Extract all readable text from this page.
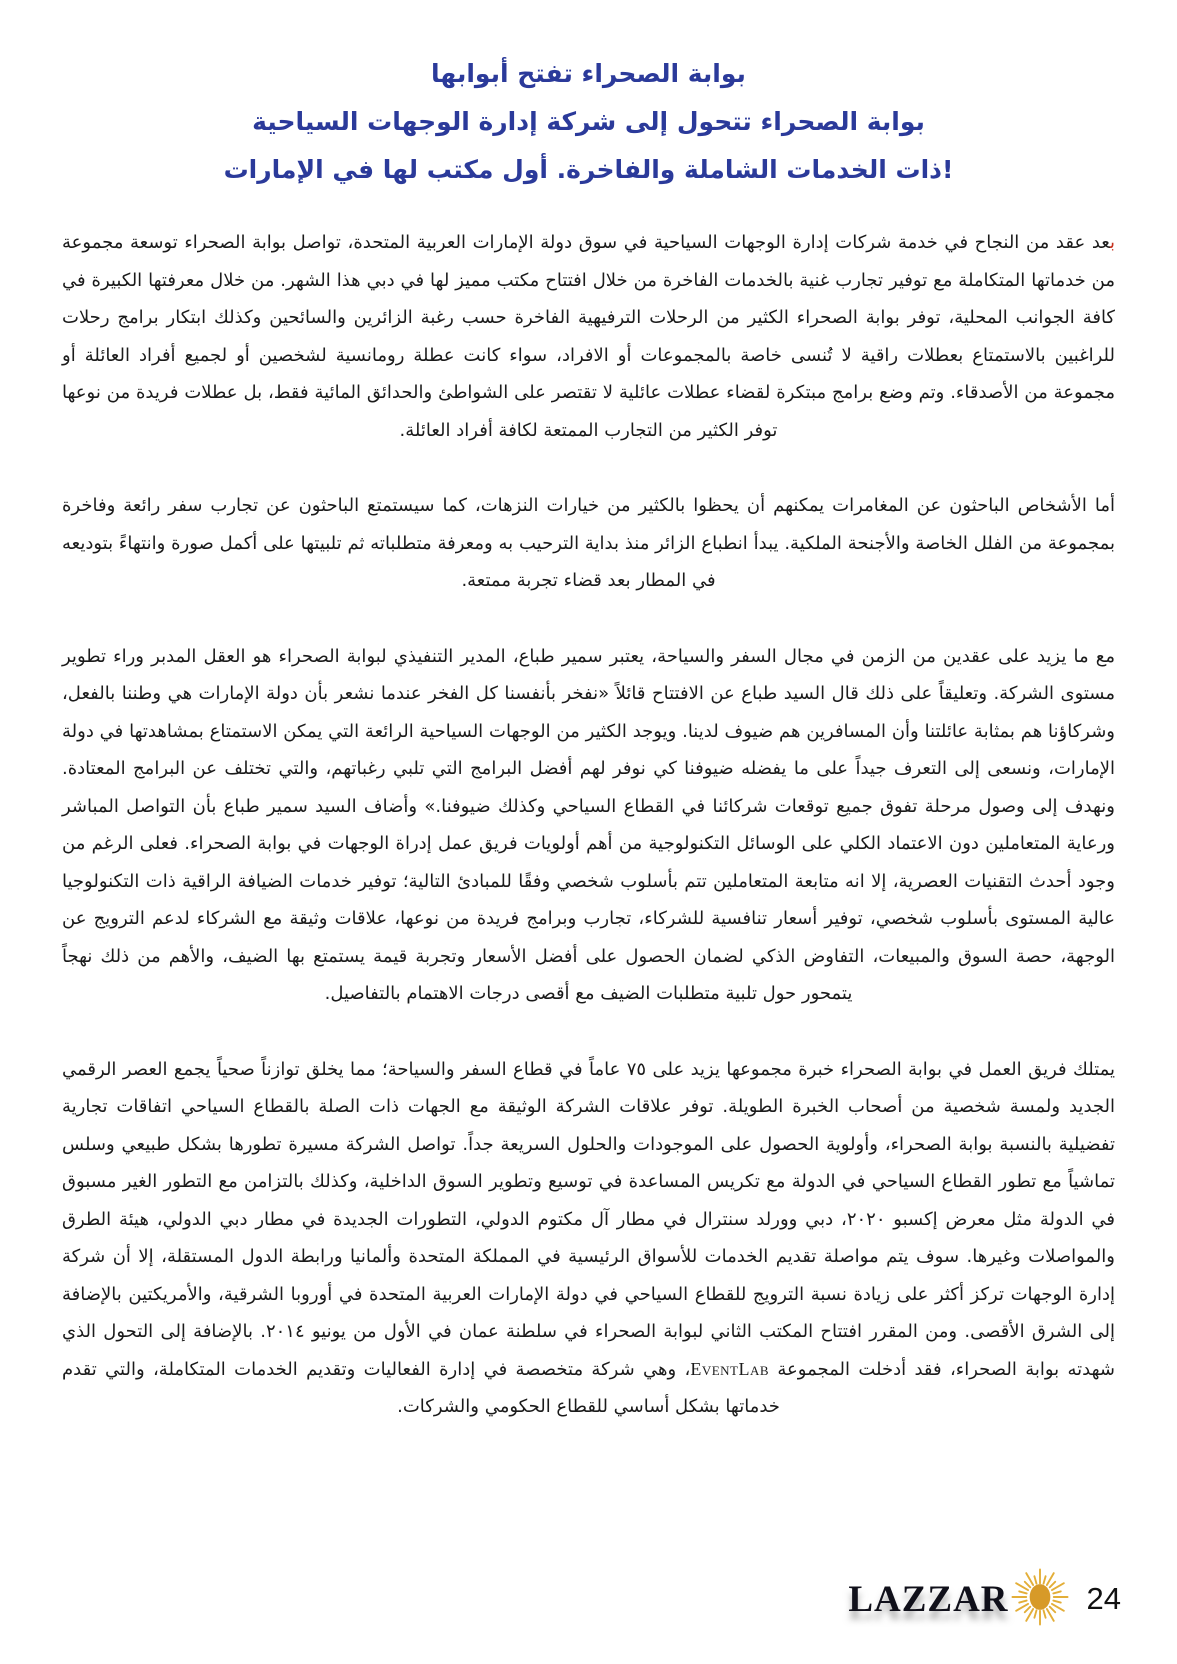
بوابة الصحراء تفتح أبوابها
بوابة الصحراء تتحول إلى شركة إدارة الوجهات السياحية
ذات الخدمات الشاملة والفاخرة. أول مكتب لها في الإمارات!

ب‍‍عد عقد من النجاح في خدمة شركات إدارة الوجهات السياحية في سوق دولة الإمارات العربية المتحدة، تواصل بوابة الصحراء توسعة مجموعة من خدماتها المتكاملة مع توفير تجارب غنية بالخدمات الفاخرة من خلال افتتاح مكتب مميز لها في دبي هذا الشهر. من خلال معرفتها الكبيرة في كافة الجوانب المحلية، توفر بوابة الصحراء الكثير من الرحلات الترفيهية الفاخرة حسب رغبة الزائرين والسائحين وكذلك ابتكار برامج رحلات للراغبين بالاستمتاع بعطلات راقية لا تُنسى خاصة بالمجموعات أو الافراد، سواء كانت عطلة رومانسية لشخصين أو لجميع أفراد العائلة أو مجموعة من الأصدقاء. وتم وضع برامج مبتكرة لقضاء عطلات عائلية لا تقتصر على الشواطئ والحدائق المائية فقط، بل عطلات فريدة من نوعها توفر الكثير من التجارب الممتعة لكافة أفراد العائلة.

أما الأشخاص الباحثون عن المغامرات يمكنهم أن يحظوا بالكثير من خيارات النزهات، كما سيستمتع الباحثون عن تجارب سفر رائعة وفاخرة بمجموعة من الفلل الخاصة والأجنحة الملكية. يبدأ انطباع الزائر منذ بداية الترحيب به ومعرفة متطلباته ثم تلبيتها على أكمل صورة وانتهاءً بتوديعه في المطار بعد قضاء تجربة ممتعة.

مع ما يزيد على عقدين من الزمن في مجال السفر والسياحة، يعتبر سمير طباع، المدير التنفيذي لبوابة الصحراء هو العقل المدبر وراء تطوير مستوى الشركة. وتعليقاً على ذلك قال السيد طباع عن الافتتاح قائلاً «نفخر بأنفسنا كل الفخر عندما نشعر بأن دولة الإمارات هي وطننا بالفعل، وشركاؤنا هم بمثابة عائلتنا وأن المسافرين هم ضيوف لدينا. ويوجد الكثير من الوجهات السياحية الرائعة التي يمكن الاستمتاع بمشاهدتها في دولة الإمارات، ونسعى إلى التعرف جيداً على ما يفضله ضيوفنا كي نوفر لهم أفضل البرامج التي تلبي رغباتهم، والتي تختلف عن البرامج المعتادة. ونهدف إلى وصول مرحلة تفوق جميع توقعات شركائنا في القطاع السياحي وكذلك ضيوفنا.» وأضاف السيد سمير طباع بأن التواصل المباشر ورعاية المتعاملين دون الاعتماد الكلي على الوسائل التكنولوجية من أهم أولويات فريق عمل إدراة الوجهات في بوابة الصحراء. فعلى الرغم من وجود أحدث التقنيات العصرية، إلا انه متابعة المتعاملين تتم بأسلوب شخصي وفقًا للمبادئ التالية؛ توفير خدمات الضيافة الراقية ذات التكنولوجيا عالية المستوى بأسلوب شخصي، توفير أسعار تنافسية للشركاء، تجارب وبرامج فريدة من نوعها، علاقات وثيقة مع الشركاء لدعم الترويج عن الوجهة، حصة السوق والمبيعات، التفاوض الذكي لضمان الحصول على أفضل الأسعار وتجربة قيمة يستمتع بها الضيف، والأهم من ذلك نهجاً يتمحور حول تلبية متطلبات الضيف مع أقصى درجات الاهتمام بالتفاصيل.

يمتلك فريق العمل في بوابة الصحراء خبرة مجموعها يزيد على ٧٥ عاماً في قطاع السفر والسياحة؛ مما يخلق توازناً صحياً يجمع العصر الرقمي الجديد ولمسة شخصية من أصحاب الخبرة الطويلة. توفر علاقات الشركة الوثيقة مع الجهات ذات الصلة بالقطاع السياحي اتفاقات تجارية تفضيلية بالنسبة بوابة الصحراء، وأولوية الحصول على الموجودات والحلول السريعة جداً. تواصل الشركة مسيرة تطورها بشكل طبيعي وسلس تماشياً مع تطور القطاع السياحي في الدولة مع تكريس المساعدة في توسيع وتطوير السوق الداخلية، وكذلك بالتزامن مع التطور الغير مسبوق في الدولة مثل معرض إكسبو ٢٠٢٠، دبي وورلد سنترال في مطار آل مكتوم الدولي، التطورات الجديدة في مطار دبي الدولي، هيئة الطرق والمواصلات وغيرها. سوف يتم مواصلة تقديم الخدمات للأسواق الرئيسية في المملكة المتحدة وألمانيا ورابطة الدول المستقلة، إلا أن شركة إدارة الوجهات تركز أكثر على زيادة نسبة الترويج للقطاع السياحي في دولة الإمارات العربية المتحدة في أوروبا الشرقية، والأمريكتين بالإضافة إلى الشرق الأقصى. ومن المقرر افتتاح المكتب الثاني لبوابة الصحراء في سلطنة عمان في الأول من يونيو ٢٠١٤. بالإضافة إلى التحول الذي شهدته بوابة الصحراء، فقد أدخلت المجموعة EventLab، وهي شركة متخصصة في إدارة الفعاليات وتقديم الخدمات المتكاملة، والتي تقدم خدماتها بشكل أساسي للقطاع الحكومي والشركات.

LAZZAR	24
